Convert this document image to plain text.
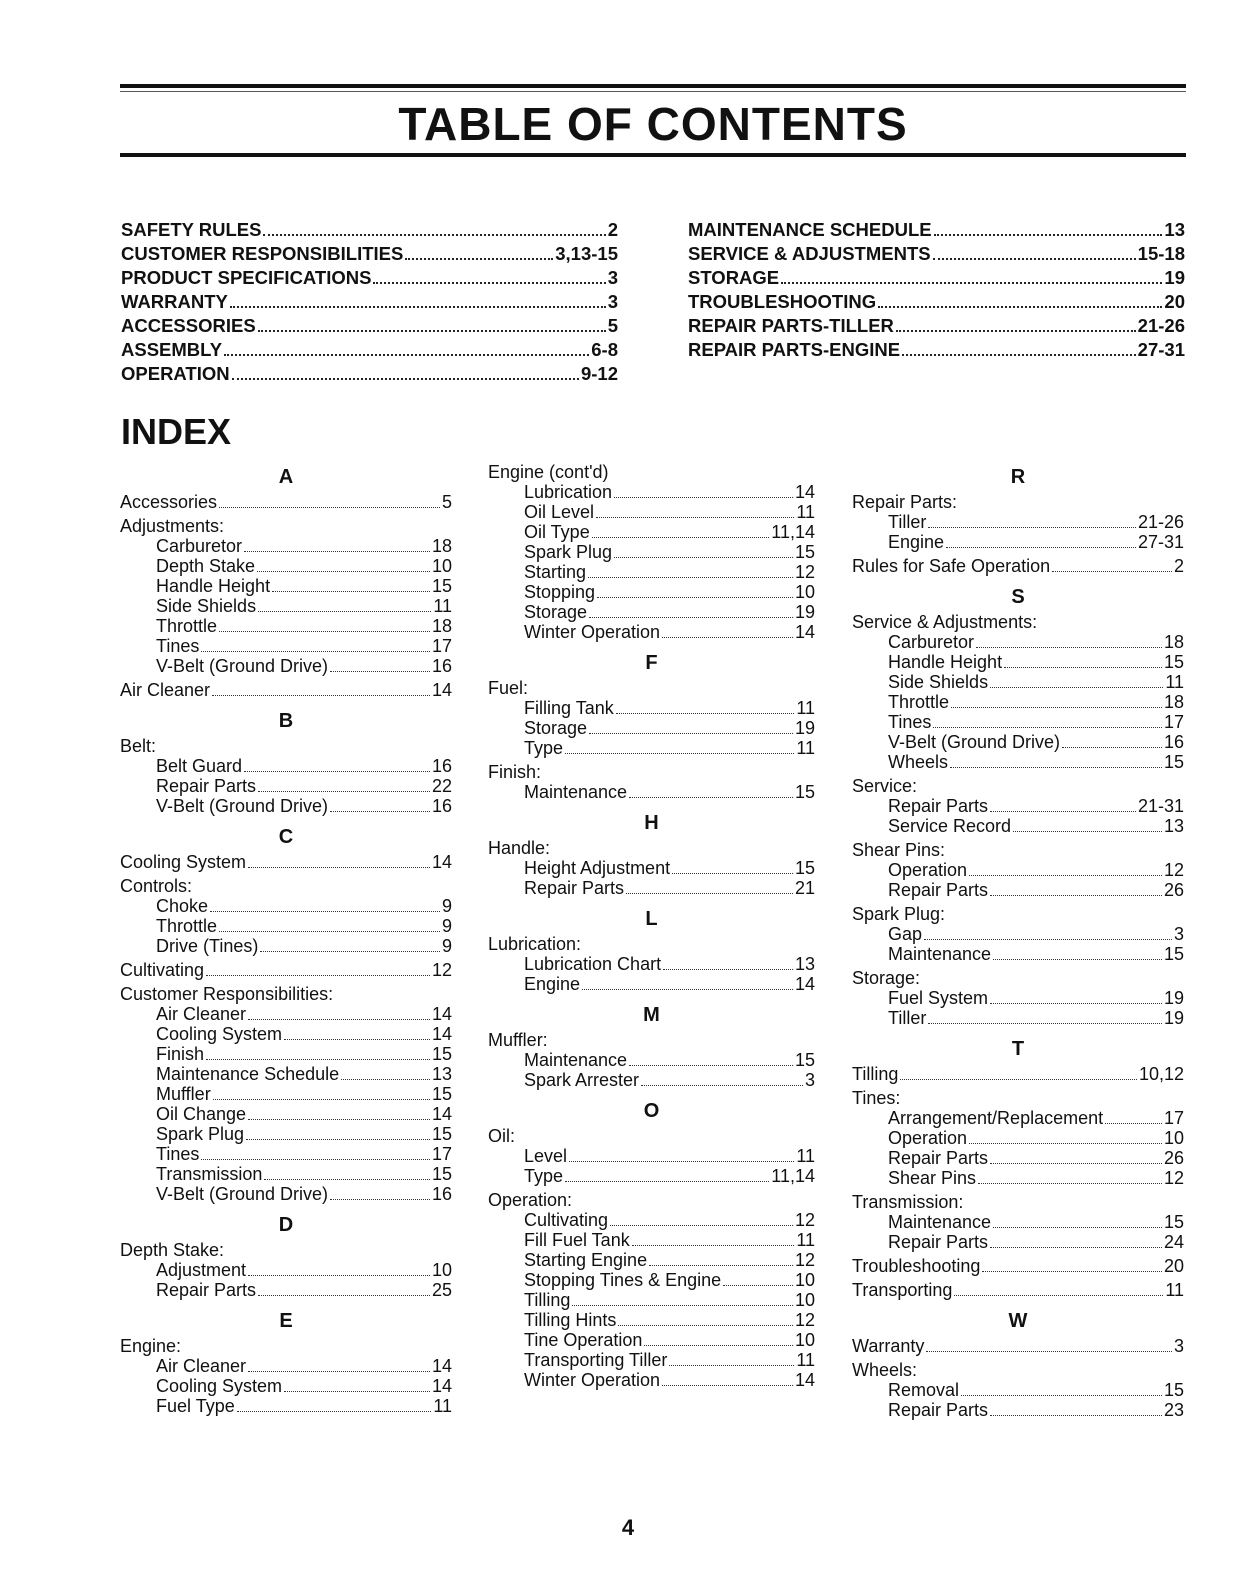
TABLE OF CONTENTS
SAFETY RULES	2
CUSTOMER RESPONSIBILITIES	3,13-15
PRODUCT SPECIFICATIONS	3
WARRANTY	3
ACCESSORIES	5
ASSEMBLY	6-8
OPERATION	9-12
MAINTENANCE SCHEDULE	13
SERVICE & ADJUSTMENTS	15-18
STORAGE	19
TROUBLESHOOTING	20
REPAIR PARTS-TILLER	21-26
REPAIR PARTS-ENGINE	27-31
INDEX
A
Accessories	5
Adjustments:
Carburetor	18
Depth Stake	10
Handle Height	15
Side Shields	11
Throttle	18
Tines	17
V-Belt (Ground Drive)	16
Air Cleaner	14
B
Belt:
Belt Guard	16
Repair Parts	22
V-Belt (Ground Drive)	16
C
Cooling System	14
Controls:
Choke	9
Throttle	9
Drive (Tines)	9
Cultivating	12
Customer Responsibilities:
Air Cleaner	14
Cooling System	14
Finish	15
Maintenance Schedule	13
Muffler	15
Oil Change	14
Spark Plug	15
Tines	17
Transmission	15
V-Belt (Ground Drive)	16
D
Depth Stake:
Adjustment	10
Repair Parts	25
E
Engine:
Air Cleaner	14
Cooling System	14
Fuel Type	11
Engine (cont'd)
Lubrication	14
Oil Level	11
Oil Type	11,14
Spark Plug	15
Starting	12
Stopping	10
Storage	19
Winter Operation	14
F
Fuel:
Filling Tank	11
Storage	19
Type	11
Finish:
Maintenance	15
H
Handle:
Height Adjustment	15
Repair Parts	21
L
Lubrication:
Lubrication Chart	13
Engine	14
M
Muffler:
Maintenance	15
Spark Arrester	3
O
Oil:
Level	11
Type	11,14
Operation:
Cultivating	12
Fill Fuel Tank	11
Starting Engine	12
Stopping Tines & Engine	10
Tilling	10
Tilling Hints	12
Tine Operation	10
Transporting Tiller	11
Winter Operation	14
R
Repair Parts:
Tiller	21-26
Engine	27-31
Rules for Safe Operation	2
S
Service & Adjustments:
Carburetor	18
Handle Height	15
Side Shields	11
Throttle	18
Tines	17
V-Belt (Ground Drive)	16
Wheels	15
Service:
Repair Parts	21-31
Service Record	13
Shear Pins:
Operation	12
Repair Parts	26
Spark Plug:
Gap	3
Maintenance	15
Storage:
Fuel System	19
Tiller	19
T
Tilling	10,12
Tines:
Arrangement/Replacement	17
Operation	10
Repair Parts	26
Shear Pins	12
Transmission:
Maintenance	15
Repair Parts	24
Troubleshooting	20
Transporting	11
W
Warranty	3
Wheels:
Removal	15
Repair Parts	23
4
